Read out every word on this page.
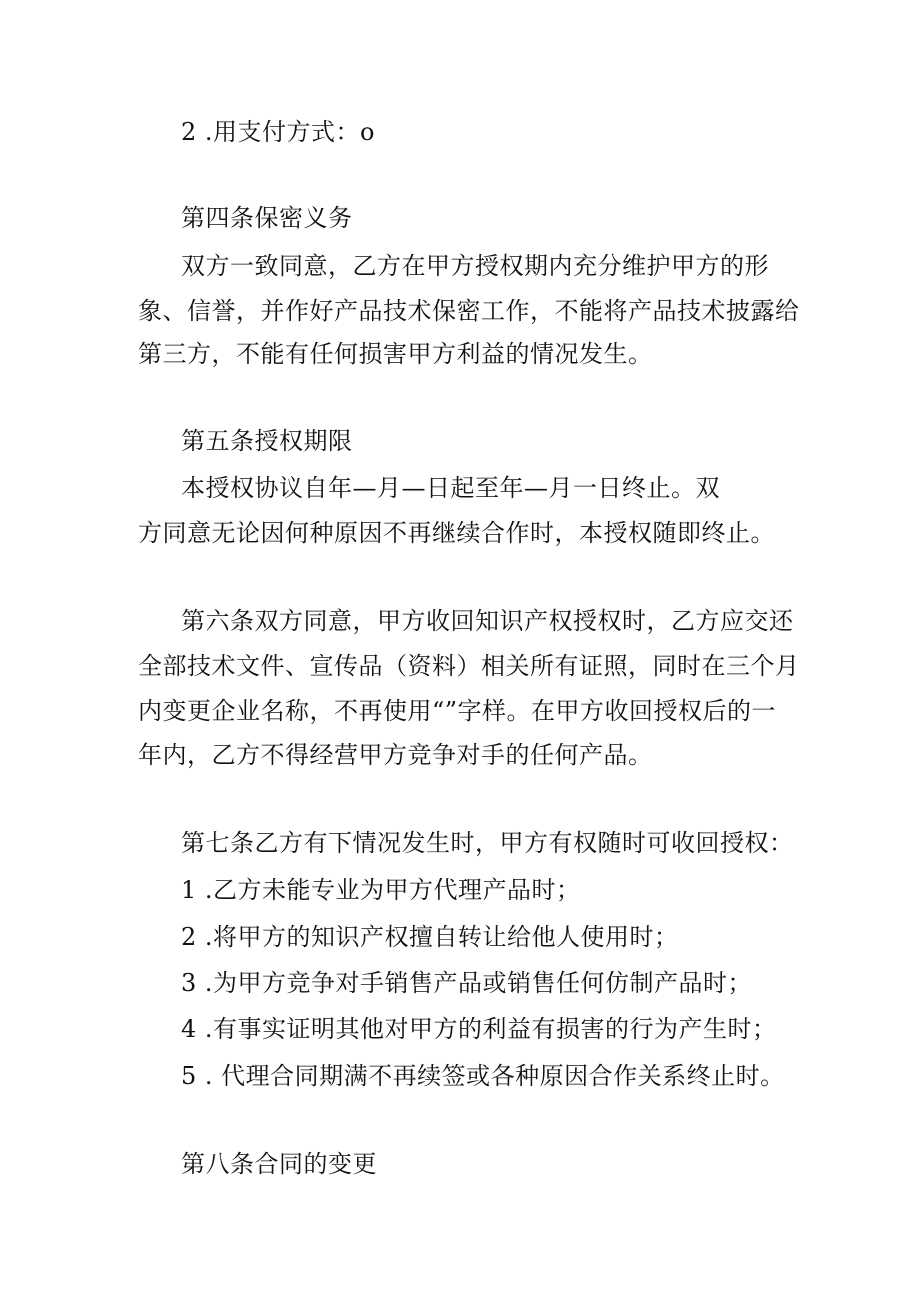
2 .用支付方式：o
第四条保密义务
双方一致同意，乙方在甲方授权期内充分维护甲方的形
象、信誉，并作好产品技术保密工作，不能将产品技术披露给
第三方，不能有任何损害甲方利益的情况发生。
第五条授权期限
本授权协议自年—月—日起至年—月一日终止。双
方同意无论因何种原因不再继续合作时，本授权随即终止。
第六条双方同意，甲方收回知识产权授权时，乙方应交还
全部技术文件、宣传品（资料）相关所有证照，同时在三个月
内变更企业名称，不再使用“”字样。在甲方收回授权后的一
年内，乙方不得经营甲方竞争对手的任何产品。
第七条乙方有下情况发生时，甲方有权随时可收回授权：
1 .乙方未能专业为甲方代理产品时；
2 .将甲方的知识产权擅自转让给他人使用时；
3 .为甲方竞争对手销售产品或销售任何仿制产品时；
4 .有事实证明其他对甲方的利益有损害的行为产生时；
5 . 代理合同期满不再续签或各种原因合作关系终止时。
第八条合同的变更
